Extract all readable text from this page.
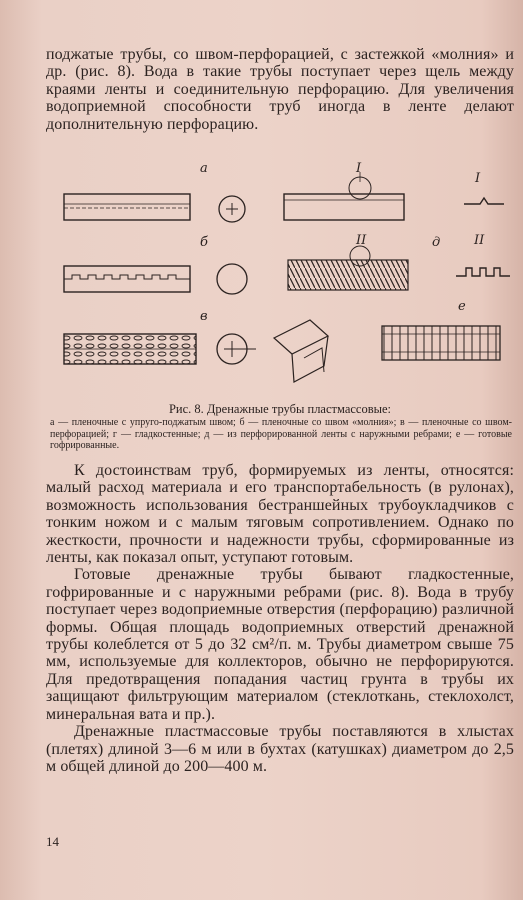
поджатые трубы, со швом-перфорацией, с застежкой «молния» и др. (рис. 8). Вода в такие трубы поступает через щель между краями ленты и соединительную перфорацию. Для увеличения водоприемной способности труб иногда в ленте делают дополнительную перфорацию.

а	I
I
б	II	д	II
в
е
Рис. 8. Дренажные трубы пластмассовые:
а — пленочные с упруго-поджатым швом; б — пленочные со швом «молния»; в — пленочные со швом-перфорацией; г — гладкостенные; д — из перфорированной ленты с наружными ребрами; е — готовые гофрированные.

К достоинствам труб, формируемых из ленты, относятся: малый расход материала и его транспортабельность (в рулонах), возможность использования бестраншейных трубоукладчиков с тонким ножом и с малым тяговым сопротивлением. Однако по жесткости, прочности и надежности трубы, сформированные из ленты, как показал опыт, уступают готовым.

Готовые дренажные трубы бывают гладкостенные, гофрированные и с наружными ребрами (рис. 8). Вода в трубу поступает через водоприемные отверстия (перфорацию) различной формы. Общая площадь водоприемных отверстий дренажной трубы колеблется от 5 до 32 см²/п. м. Трубы диаметром свыше 75 мм, используемые для коллекторов, обычно не перфорируются. Для предотвращения попадания частиц грунта в трубы их защищают фильтрующим материалом (стеклоткань, стеклохолст, минеральная вата и пр.).

Дренажные пластмассовые трубы поставляются в хлыстах (плетях) длиной 3—6 м или в бухтах (катушках) диаметром до 2,5 м общей длиной до 200—400 м.

14
